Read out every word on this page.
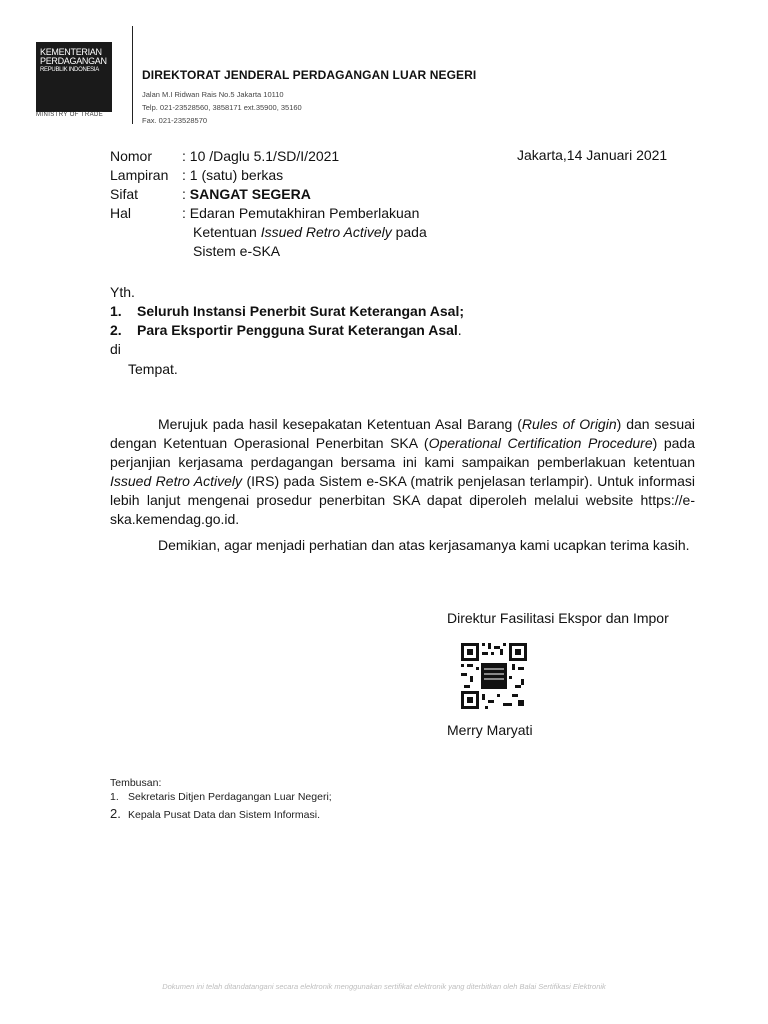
KEMENTERIAN
PERDAGANGAN
REPUBLIK INDONESIA
MINISTRY OF TRADE
DIREKTORAT JENDERAL PERDAGANGAN LUAR NEGERI
Jalan M.I Ridwan Rais No.5 Jakarta 10110
Telp. 021-23528560, 3858171 ext.35900, 35160
Fax. 021-23528570
Nomor : 10 /Daglu 5.1/SD/I/2021	Jakarta,14 Januari 2021
Lampiran : 1 (satu) berkas
Sifat	: SANGAT SEGERA
Hal	: Edaran Pemutakhiran Pemberlakuan
Ketentuan Issued Retro Actively pada
Sistem e-SKA
Yth.
1. Seluruh Instansi Penerbit Surat Keterangan Asal;
2. Para Eksportir Pengguna Surat Keterangan Asal.
di
Tempat.
Merujuk pada hasil kesepakatan Ketentuan Asal Barang (Rules of Origin) dan sesuai dengan Ketentuan Operasional Penerbitan SKA (Operational Certification Procedure) pada perjanjian kerjasama perdagangan bersama ini kami sampaikan pemberlakuan ketentuan Issued Retro Actively (IRS) pada Sistem e-SKA (matrik penjelasan terlampir). Untuk informasi lebih lanjut mengenai prosedur penerbitan SKA dapat diperoleh melalui website https://e-ska.kemendag.go.id.
Demikian, agar menjadi perhatian dan atas kerjasamanya kami ucapkan terima kasih.
Direktur Fasilitasi Ekspor dan Impor
Merry Maryati
Tembusan:
1. Sekretaris Ditjen Perdagangan Luar Negeri;
2. Kepala Pusat Data dan Sistem Informasi.
Dokumen ini telah ditandatangani secara elektronik menggunakan sertifikat elektronik yang diterbitkan oleh Balai Sertifikasi Elektronik
